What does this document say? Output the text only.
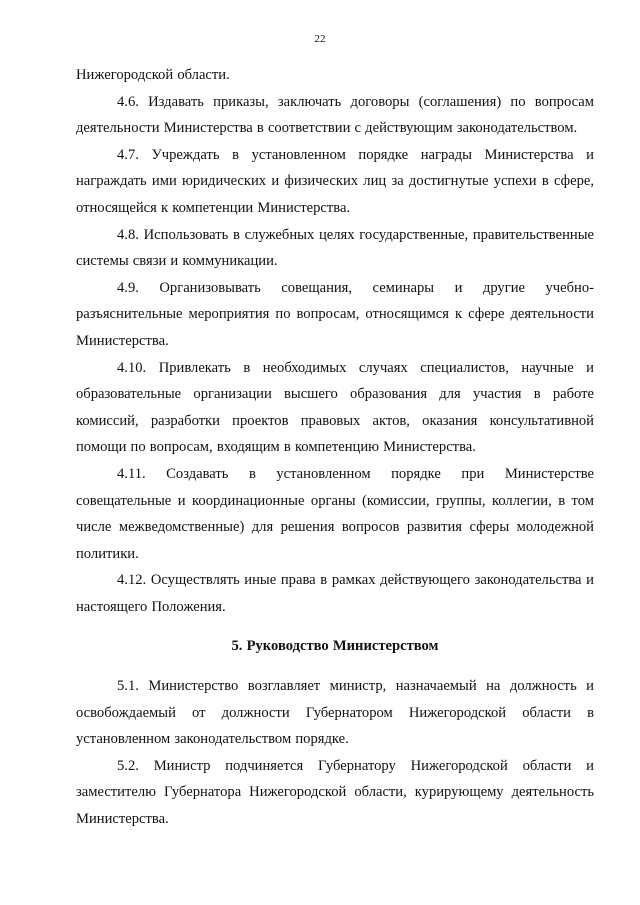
22

Нижегородской области.

4.6. Издавать приказы, заключать договоры (соглашения) по вопросам деятельности Министерства в соответствии с действующим законодательством.

4.7. Учреждать в установленном порядке награды Министерства и награждать ими юридических и физических лиц за достигнутые успехи в сфере, относящейся к компетенции Министерства.

4.8. Использовать в служебных целях государственные, правительственные системы связи и коммуникации.

4.9. Организовывать совещания, семинары и другие учебно-разъяснительные мероприятия по вопросам, относящимся к сфере деятельности Министерства.

4.10. Привлекать в необходимых случаях специалистов, научные и образовательные организации высшего образования для участия в работе комиссий, разработки проектов правовых актов, оказания консультативной помощи по вопросам, входящим в компетенцию Министерства.

4.11. Создавать в установленном порядке при Министерстве совещательные и координационные органы (комиссии, группы, коллегии, в том числе межведомственные) для решения вопросов развития сферы молодежной политики.

4.12. Осуществлять иные права в рамках действующего законодательства и настоящего Положения.

5. Руководство Министерством

5.1. Министерство возглавляет министр, назначаемый на должность и освобождаемый от должности Губернатором Нижегородской области в установленном законодательством порядке.

5.2. Министр подчиняется Губернатору Нижегородской области и заместителю Губернатора Нижегородской области, курирующему деятельность Министерства.
